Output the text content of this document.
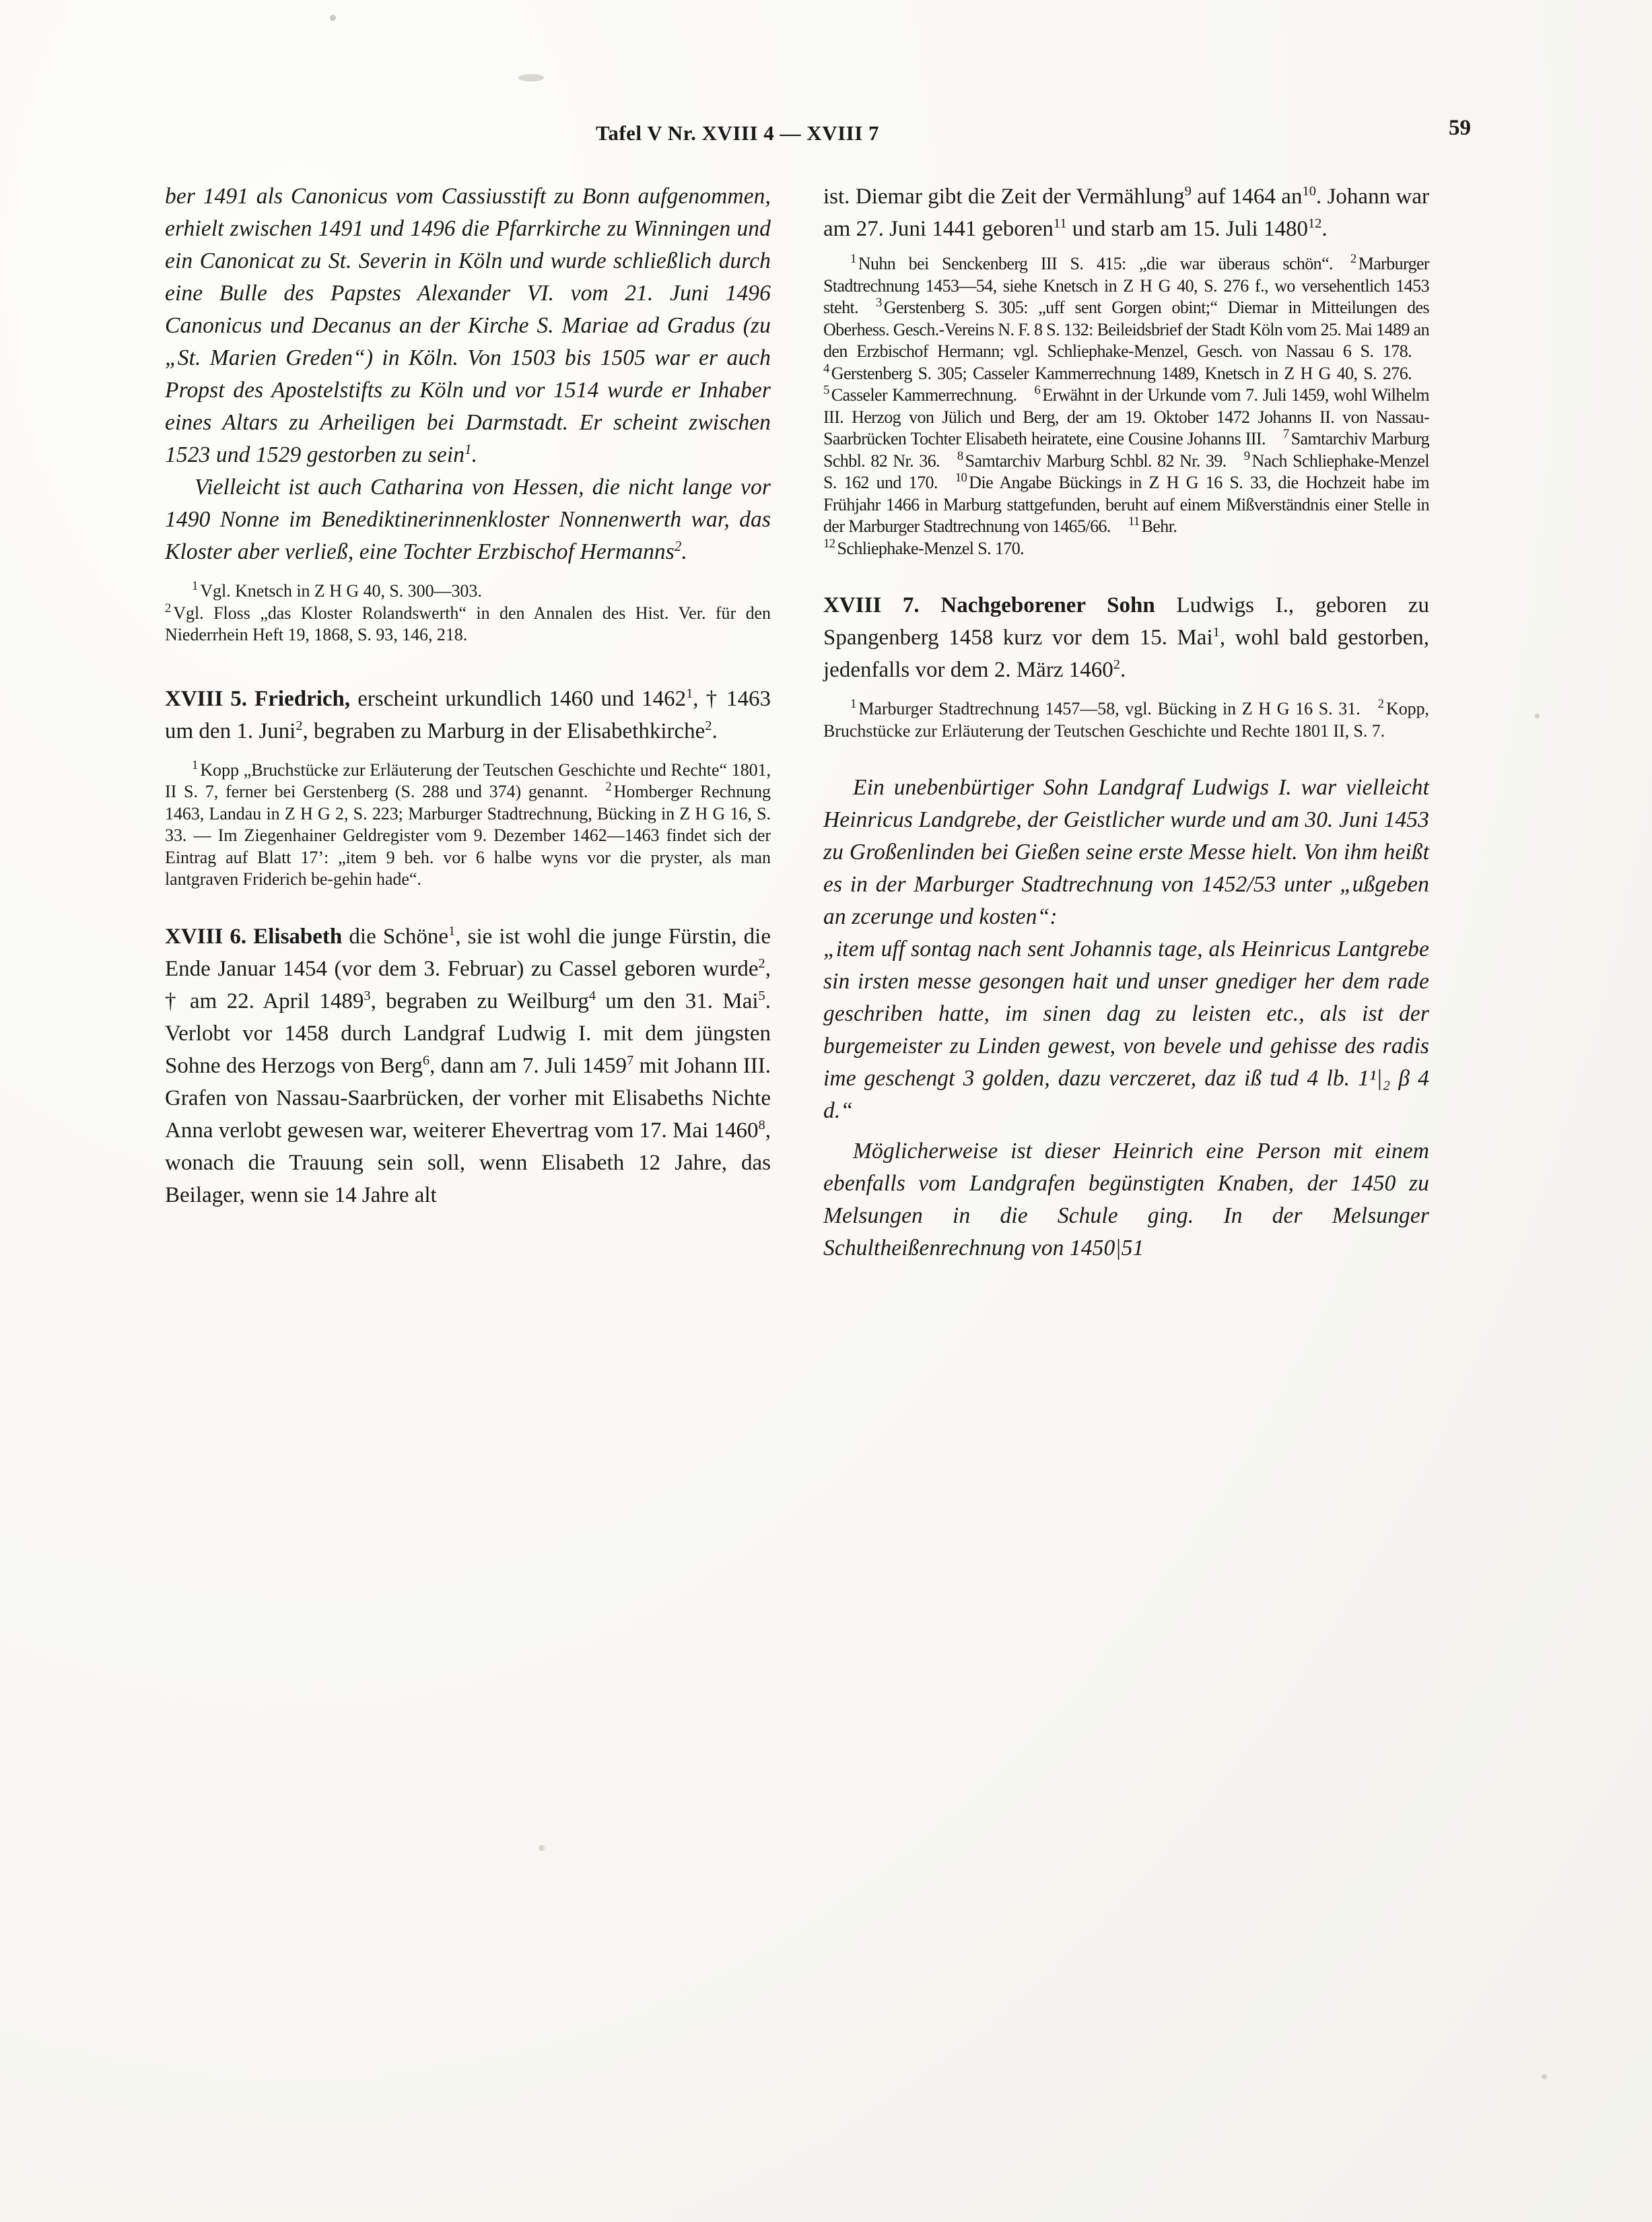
Tafel V Nr. XVIII 4 — XVIII 7	59

ber 1491 als Canonicus vom Cassiusstift zu Bonn aufgenommen, erhielt zwischen 1491 und 1496 die Pfarrkirche zu Winningen und ein Canonicat zu St. Severin in Köln und wurde schließlich durch eine Bulle des Papstes Alexander VI. vom 21. Juni 1496 Canonicus und Decanus an der Kirche S. Mariae ad Gradus (zu „St. Marien Greden“) in Köln. Von 1503 bis 1505 war er auch Propst des Apostelstifts zu Köln und vor 1514 wurde er Inhaber eines Altars zu Arheiligen bei Darmstadt. Er scheint zwischen 1523 und 1529 gestorben zu sein$^1$.

Vielleicht ist auch Catharina von Hessen, die nicht lange vor 1490 Nonne im Benediktinerinnenkloster Nonnenwerth war, das Kloster aber verließ, eine Tochter Erzbischof Hermanns$^2$.

$^1$ Vgl. Knetsch in Z H G 40, S. 300—303.

$^2$ Vgl. Floss „das Kloster Rolandswerth“ in den Annalen des Hist. Ver. für den Niederrhein Heft 19, 1868, S. 93, 146, 218.

XVIII 5. Friedrich, erscheint urkundlich 1460 und 1462$^1$, † 1463 um den 1. Juni$^2$, begraben zu Marburg in der Elisabethkirche$^2$.

$^1$ Kopp „Bruchstücke zur Erläuterung der Teutschen Geschichte und Rechte“ 1801, II S. 7, ferner bei Gerstenberg (S. 288 und 374) genannt. $^2$ Homberger Rechnung 1463, Landau in Z H G 2, S. 223; Marburger Stadtrechnung, Bücking in Z H G 16, S. 33. — Im Ziegenhainer Geldregister vom 9. Dezember 1462—1463 findet sich der Eintrag auf Blatt 17’: „item 9 beh. vor 6 halbe wyns vor die pryster, als man lantgraven Friderich be-gehin hade“.

XVIII 6. Elisabeth die Schöne$^1$, sie ist wohl die junge Fürstin, die Ende Januar 1454 (vor dem 3. Februar) zu Cassel geboren wurde$^2$, † am 22. April 1489$^3$, begraben zu Weilburg$^4$ um den 31. Mai$^5$. Verlobt vor 1458 durch Landgraf Ludwig I. mit dem jüngsten Sohne des Herzogs von Berg$^6$, dann am 7. Juli 1459$^7$ mit Johann III. Grafen von Nassau-Saarbrücken, der vorher mit Elisabeths Nichte Anna verlobt gewesen war, weiterer Ehevertrag vom 17. Mai 1460$^8$, wonach die Trauung sein soll, wenn Elisabeth 12 Jahre, das Beilager, wenn sie 14 Jahre alt

ist. Diemar gibt die Zeit der Vermählung$^9$ auf 1464 $an^{10}$. Johann war am 27. Juni 1441 geboren$^{11}$ und starb am 15. Juli 1480$^{12}$.

$^1$ Nuhn bei Senckenberg III S. 415: „die war überaus schön“. $^2$ Marburger Stadtrechnung 1453—54, siehe Knetsch in Z H G 40, S. 276 f., wo versehentlich 1453 steht. $^3$ Gerstenberg S. 305: „uff sent Gorgen obint;“ Diemar in Mitteilungen des Oberhess. Gesch.-Vereins N. F. 8 S. 132: Beileidsbrief der Stadt Köln vom 25. Mai 1489 an den Erzbischof Hermann; vgl. Schliephake-Menzel, Gesch. von Nassau 6 S. 178.$^4$ Gerstenberg S. 305; Casseler Kammerrechnung 1489, Knetsch in Z H G 40, S. 276.$^5$ Casseler Kammerrechnung. $^6$ Erwähnt in der Urkunde vom 7. Juli 1459, wohl Wilhelm III. Herzog von Jülich und Berg, der am 19. Oktober 1472 Johanns II. von Nassau-Saarbrücken Tochter Elisabeth heiratete, eine Cousine Johanns III. $^7$ Samtarchiv Marburg Schbl. 82 Nr. 36. $^8$ Samtarchiv Marburg Schbl. 82 Nr. 39. $^9$ Nach Schliephake-Menzel S. 162 und 170. $^{10}$ Die Angabe Bückings in Z H G 16 S. 33, die Hochzeit habe im Frühjahr 1466 in Marburg stattgefunden, beruht auf einem Mißverständnis einer Stelle in der Marburger Stadtrechnung von 1465/66. $^{11}$ Behr.
$^{12}$ Schliephake-Menzel S. 170.

XVIII 7. Nachgeborener Sohn Ludwigs I., geboren zu Spangenberg 1458 kurz vor dem 15. Mai$^1$, wohl bald gestorben, jedenfalls vor dem 2. März 1460$^2$.

$^1$ Marburger Stadtrechnung 1457—58, vgl. Bücking in Z H G 16 S. 31. $^2$ Kopp, Bruchstücke zur Erläuterung der Teutschen Geschichte und Rechte 1801 II, S. 7.

Ein unebenbürtiger Sohn Landgraf Ludwigs I. war vielleicht Heinricus Landgrebe, der Geistlicher wurde und am 30. Juni 1453 zu Großenlinden bei Gießen seine erste Messe hielt. Von ihm heißt es in der Marburger Stadtrechnung von 1452/53 unter „ußgeben an zcerunge und kosten“:

„item uff sontag nach sent Johannis tage, als Heinricus Lantgrebe sin irsten messe gesongen hait und unser gnediger her dem rade geschriben hatte, im sinen dag zu leisten etc., als ist der burgemeister zu Linden gewest, von bevele und gehisse des radis ime geschengt 3 golden, dazu verczeret, daz iß tud 4 lb. 1¹|₂ β 4 d.“

Möglicherweise ist dieser Heinrich eine Person mit einem ebenfalls vom Landgrafen begünstigten Knaben, der 1450 zu Melsungen in die Schule ging. In der Melsunger Schultheißenrechnung von 1450|51
